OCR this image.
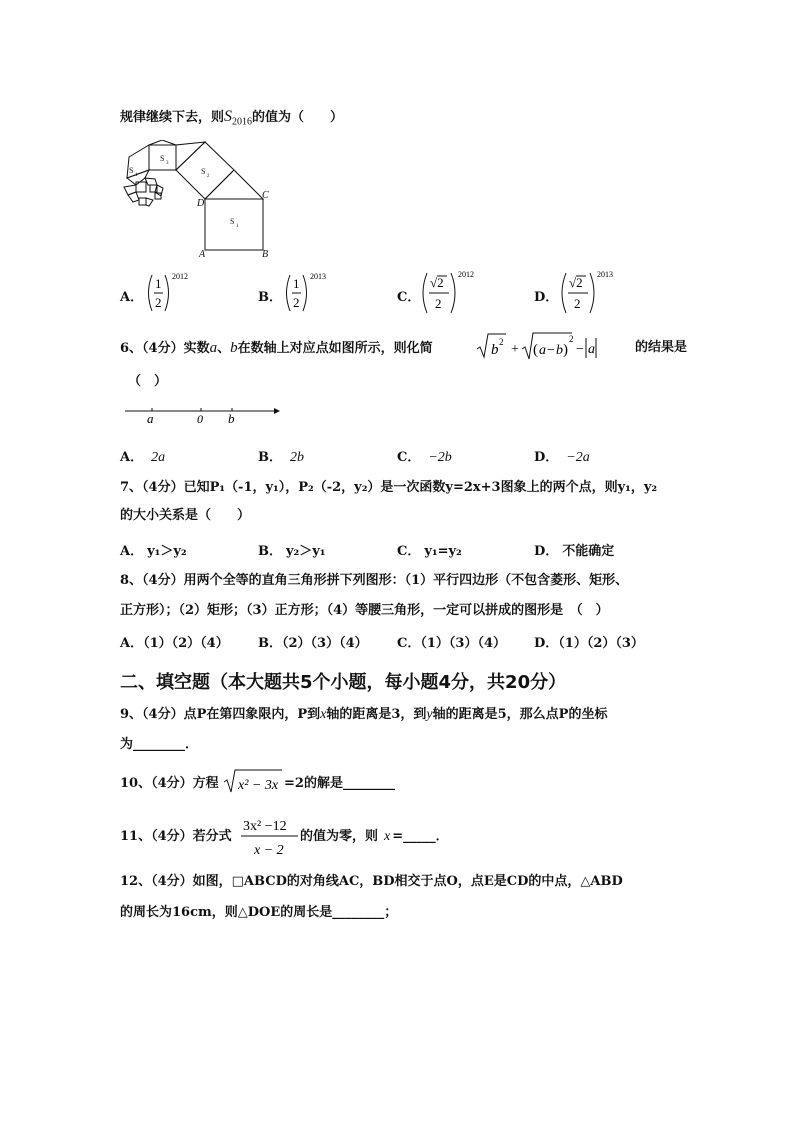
规律继续下去，则$S_{2016}$的值为（　　）
S
1
S
2
S
3
S
4
A	B
C
D
A．
1
2
2012
B．
1
2
2013
C．
√2
2
2012
D．
√2
2
2013
6、（4分）实数a、b在数轴上对应点如图所示，则化简	b 2 + ( a − b )
2
− a	的结果是
（　）
a	0 b
A． 2a	B． 2b	C． −2b	D． −2a
7、（4分）已知P₁（-1，y₁），P₂（-2，y₂）是一次函数y=2x+3图象上的两个点，则y₁，y₂
的大小关系是（　　）
A． y₁＞y₂	B． y₂＞y₁	C． y₁=y₂	D． 不能确定
8、（4分）用两个全等的直角三角形拼下列图形：（1）平行四边形（不包含菱形、矩形、
正方形）；（2）矩形；（3）正方形；（4）等腰三角形，一定可以拼成的图形是　（　）
A．（1）（2）（4） B．（2）（3）（4） C．（1）（3）（4） D．（1）（2）（3）
二、填空题（本大题共5个小题，每小题4分，共20分）
9、（4分）点P在第四象限内，P到x轴的距离是3，到y轴的距离是5，那么点P的坐标
为________．
10、（4分）方程 x² − 3x =2的解是________
11、（4分）若分式
3x² −12
x − 2
的值为零，则 x =_____．
12、（4分）如图，□ABCD的对角线AC，BD相交于点O，点E是CD的中点，△ABD
的周长为16cm，则△DOE的周长是________；
